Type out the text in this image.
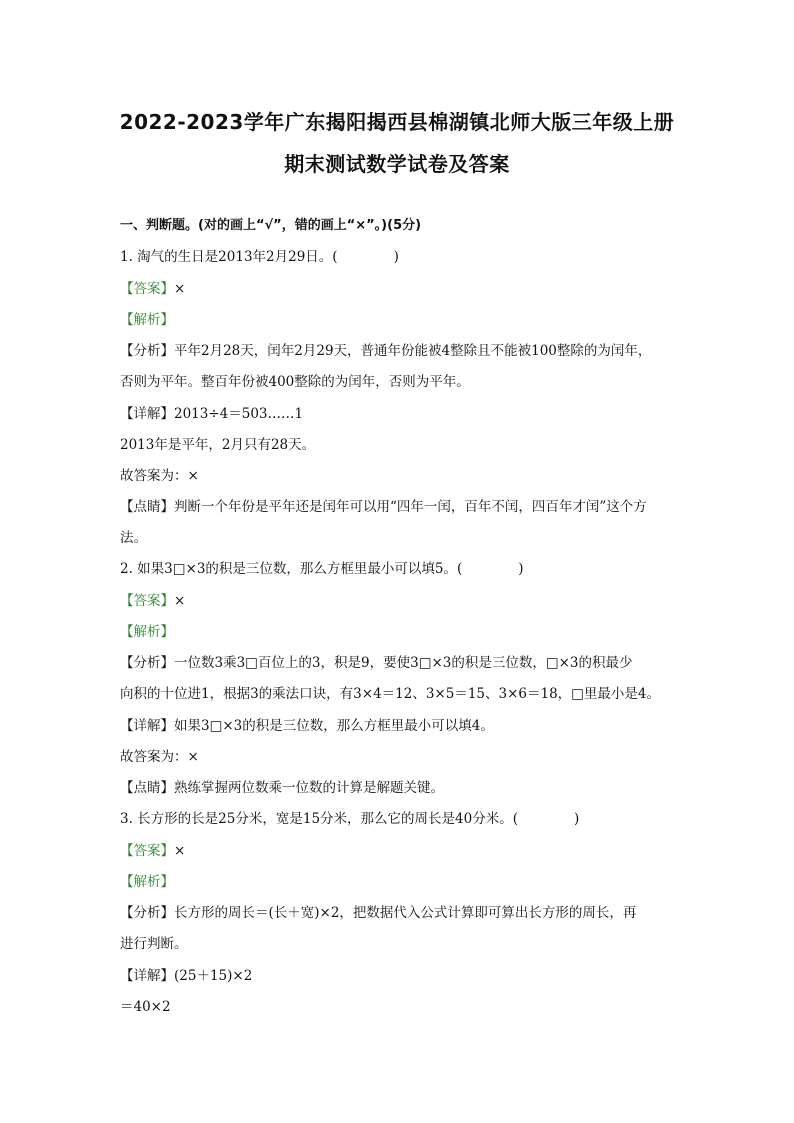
2022-2023学年广东揭阳揭西县棉湖镇北师大版三年级上册
期末测试数学试卷及答案
一、判断题。(对的画上“√”，错的画上“×”。)(5分)
1. 淘气的生日是2013年2月29日。(	)
【答案】×
【解析】
【分析】平年2月28天，闰年2月29天，普通年份能被4整除且不能被100整除的为闰年，
否则为平年。整百年份被400整除的为闰年，否则为平年。
【详解】2013÷4＝503……1
2013年是平年，2月只有28天。
故答案为：×
【点睛】判断一个年份是平年还是闰年可以用“四年一闰，百年不闰，四百年才闰”这个方
法。
2. 如果3□×3的积是三位数，那么方框里最小可以填5。(	)
【答案】×
【解析】
【分析】一位数3乘3□百位上的3，积是9，要使3□×3的积是三位数，□×3的积最少
向积的十位进1，根据3的乘法口诀，有3×4＝12、3×5＝15、3×6＝18，□里最小是4。
【详解】如果3□×3的积是三位数，那么方框里最小可以填4。
故答案为：×
【点睛】熟练掌握两位数乘一位数的计算是解题关键。
3. 长方形的长是25分米，宽是15分米，那么它的周长是40分米。(	)
【答案】×
【解析】
【分析】长方形的周长＝(长＋宽)×2，把数据代入公式计算即可算出长方形的周长，再
进行判断。
【详解】(25＋15)×2
＝40×2
